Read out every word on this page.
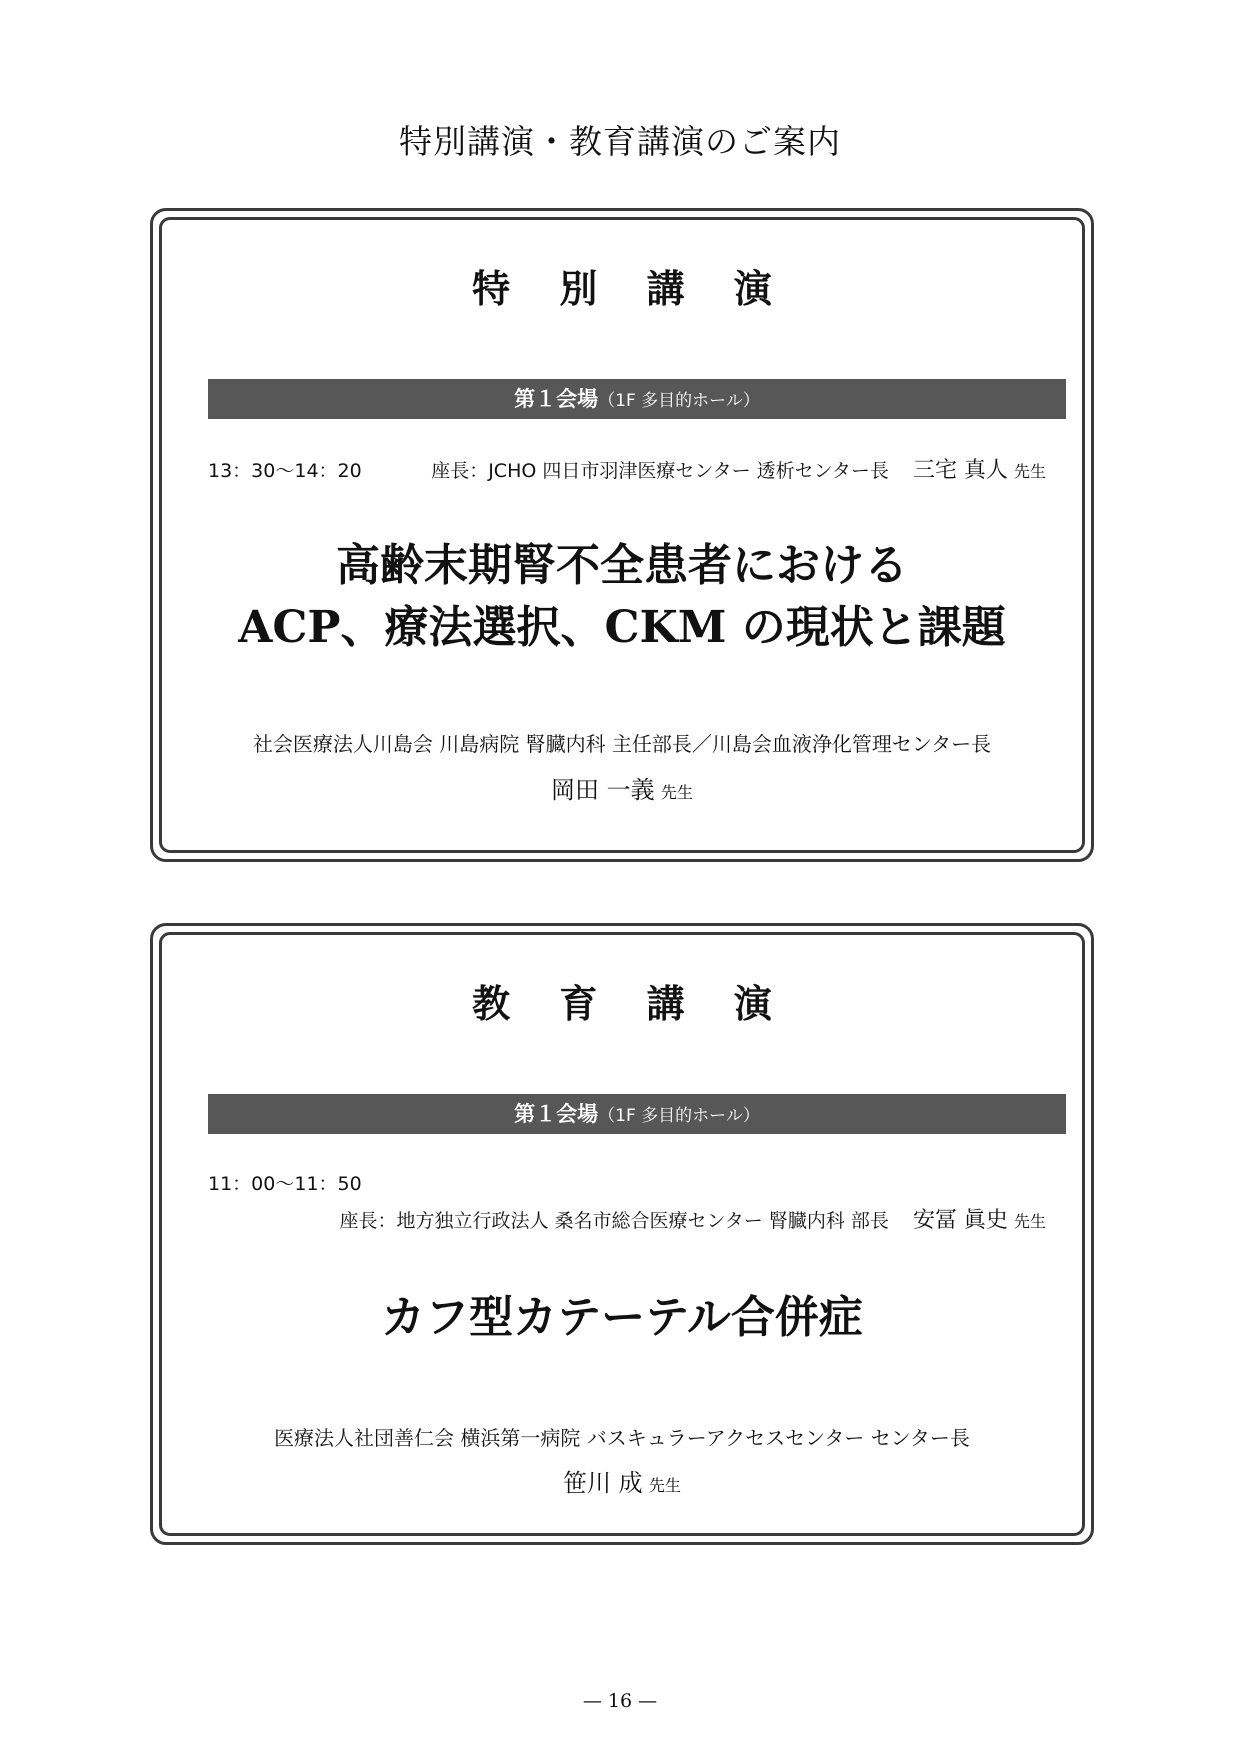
特別講演・教育講演のご案内
特 別 講 演
第１会場（1F 多目的ホール）
13：30～14：20	座長：JCHO 四日市羽津医療センター 透析センター長 三宅 真人 先生
高齢末期腎不全患者における
ACP、療法選択、CKM の現状と課題
社会医療法人川島会 川島病院 腎臓内科 主任部長／川島会血液浄化管理センター長
岡田 一義 先生
教 育 講 演
第１会場（1F 多目的ホール）
11：00～11：50
座長：地方独立行政法人 桑名市総合医療センター 腎臓内科 部長 安冨 眞史 先生
カフ型カテーテル合併症
医療法人社団善仁会 横浜第一病院 バスキュラーアクセスセンター センター長
笹川 成 先生
— 16 —
